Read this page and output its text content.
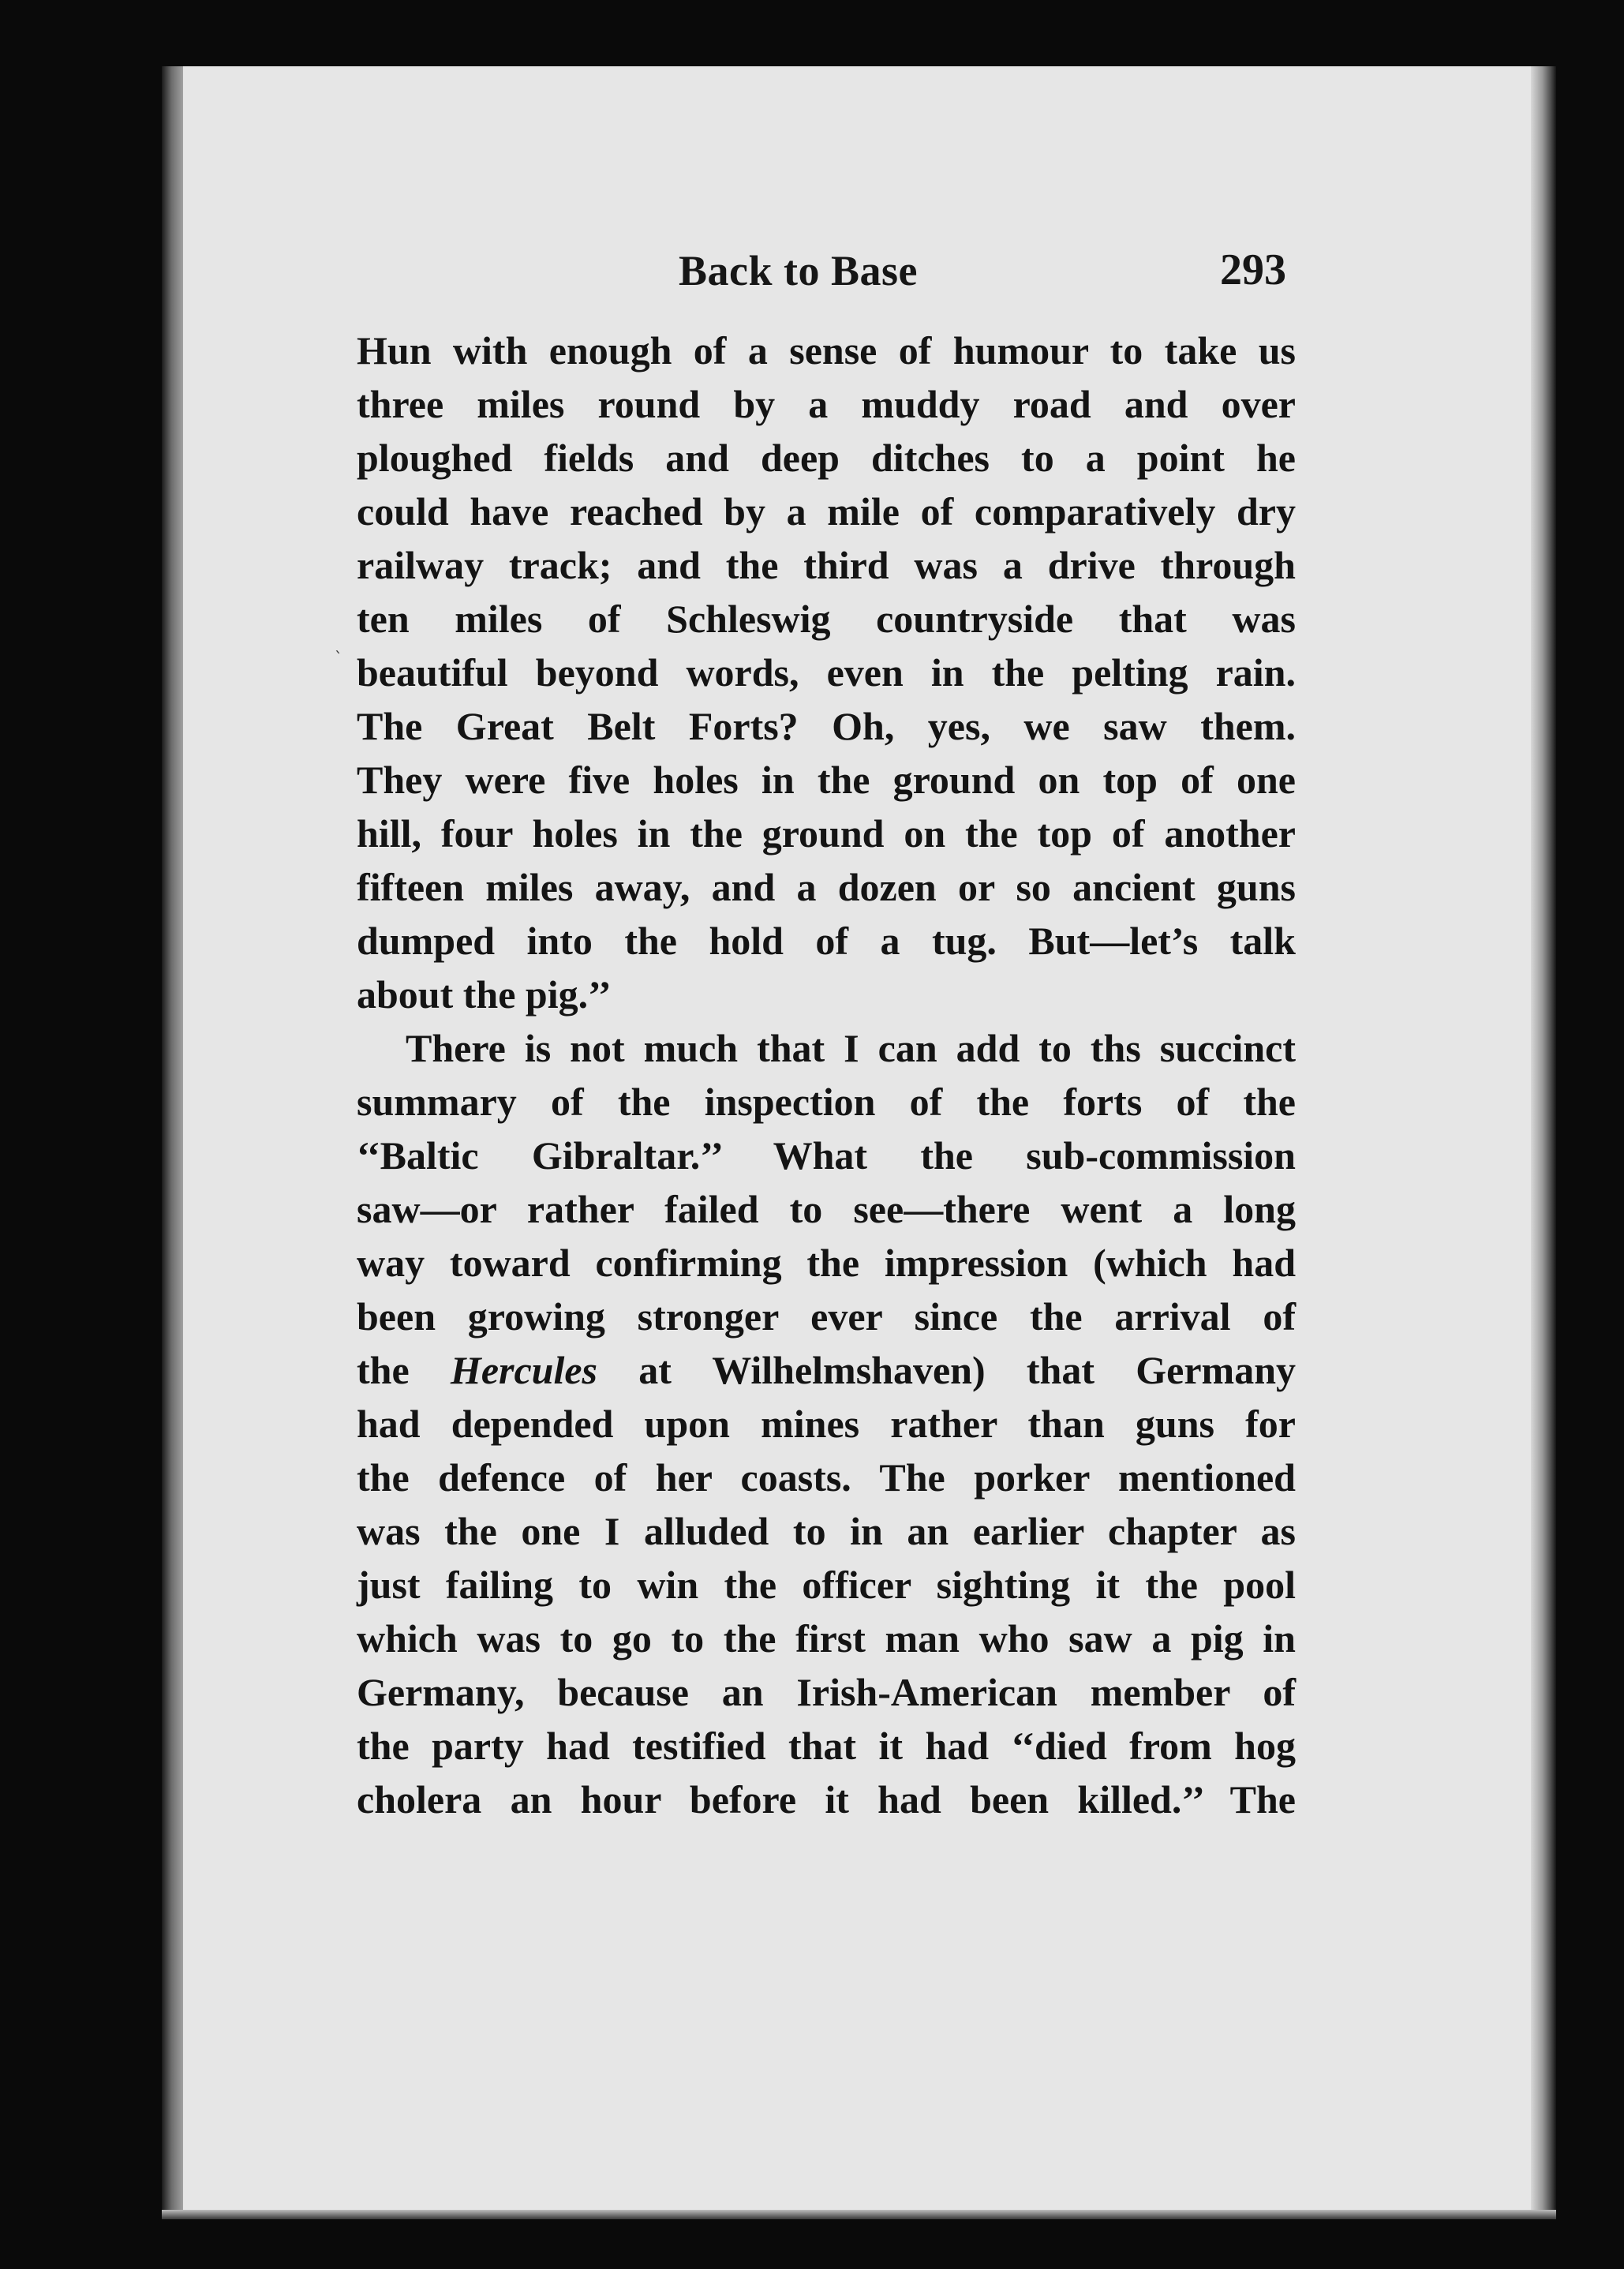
Back to Base	293
ˎ
Hun with enough of a sense of humour to take us
three miles round by a muddy road and over
ploughed fields and deep ditches to a point he
could have reached by a mile of comparatively dry
railway track; and the third was a drive through
ten miles of Schleswig countryside that was
beautiful beyond words, even in the pelting rain.
The Great Belt Forts? Oh, yes, we saw them.
They were five holes in the ground on top of one
hill, four holes in the ground on the top of another
fifteen miles away, and a dozen or so ancient guns
dumped into the hold of a tug. But—let’s talk
about the pig.’’
There is not much that I can add to ths succinct
summary of the inspection of the forts of the
‘‘Baltic Gibraltar.’’ What the sub-commission
saw—or rather failed to see—there went a long
way toward confirming the impression (which had
been growing stronger ever since the arrival of
the Hercules at Wilhelmshaven) that Germany
had depended upon mines rather than guns for
the defence of her coasts. The porker mentioned
was the one I alluded to in an earlier chapter as
just failing to win the officer sighting it the pool
which was to go to the first man who saw a pig in
Germany, because an Irish-American member of
the party had testified that it had ‘‘died from hog
cholera an hour before it had been killed.’’ The
